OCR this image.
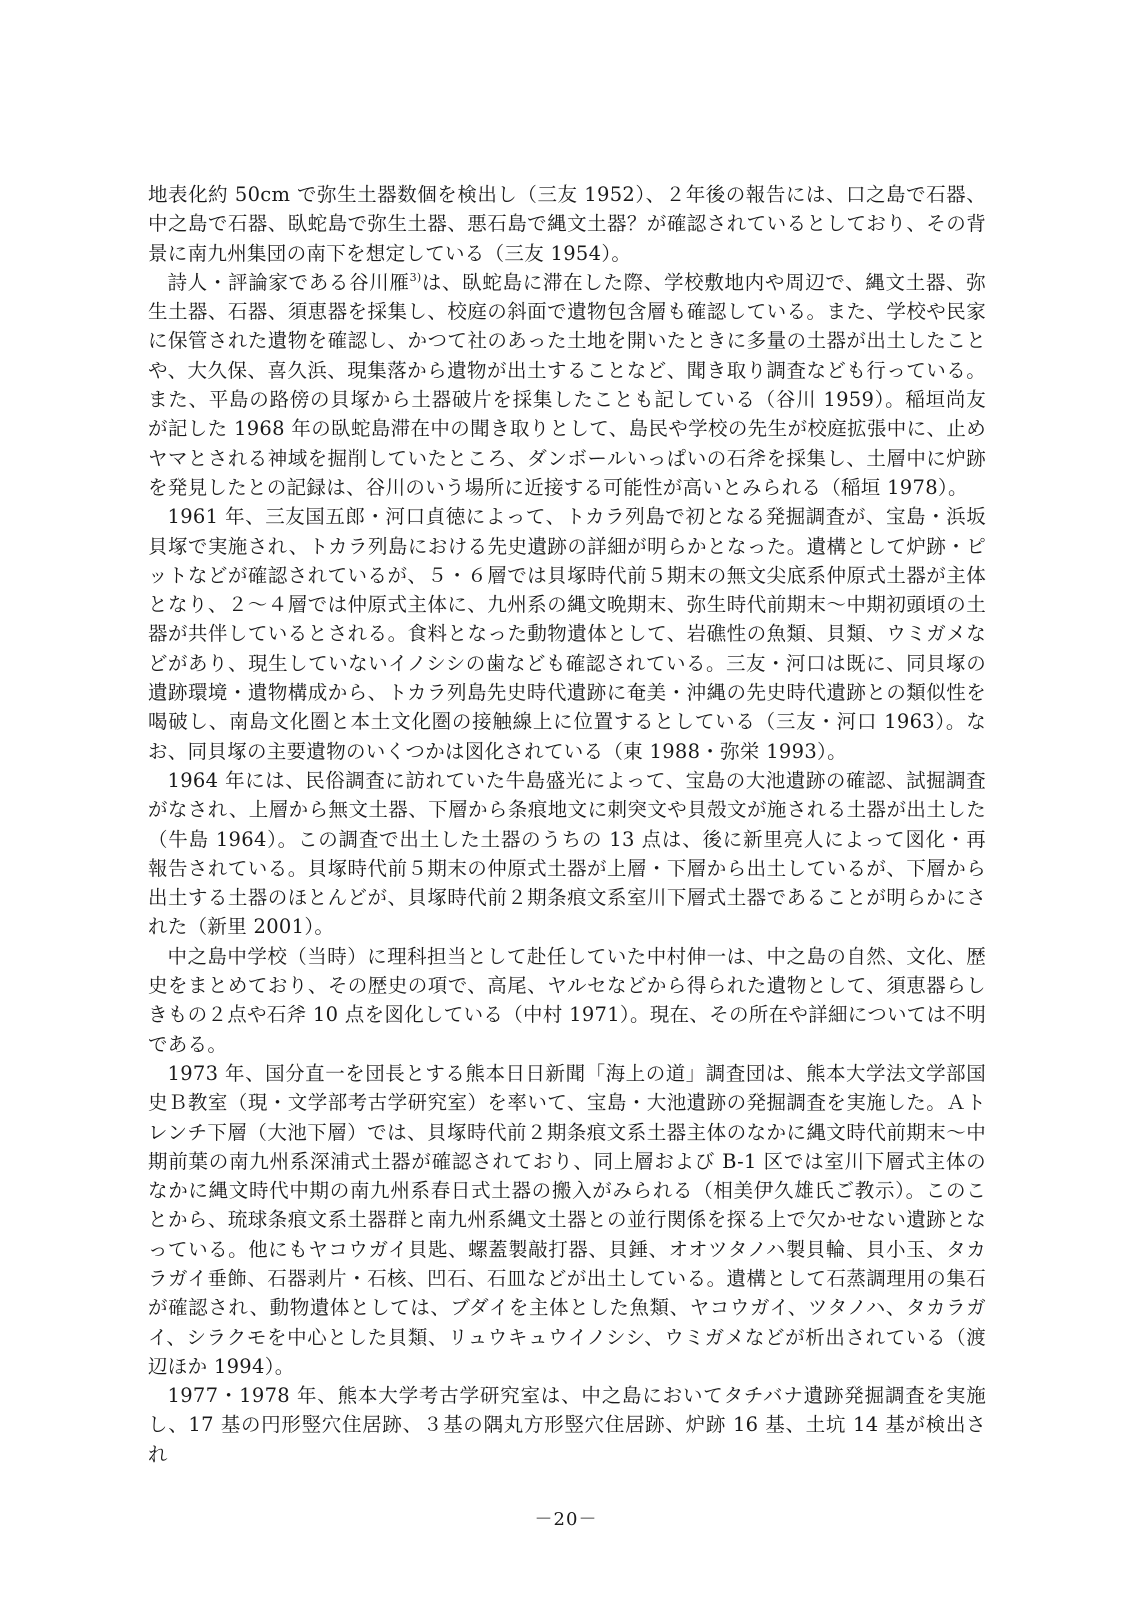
地表化約 50cm で弥生土器数個を検出し（三友 1952）、２年後の報告には、口之島で石器、中之島で石器、臥蛇島で弥生土器、悪石島で縄文土器？が確認されているとしており、その背景に南九州集団の南下を想定している（三友 1954）。

詩人・評論家である谷川雁$^{3)}$は、臥蛇島に滞在した際、学校敷地内や周辺で、縄文土器、弥生土器、石器、須恵器を採集し、校庭の斜面で遺物包含層も確認している。また、学校や民家に保管された遺物を確認し、かつて社のあった土地を開いたときに多量の土器が出土したことや、大久保、喜久浜、現集落から遺物が出土することなど、聞き取り調査なども行っている。また、平島の路傍の貝塚から土器破片を採集したことも記している（谷川 1959）。稲垣尚友が記した 1968 年の臥蛇島滞在中の聞き取りとして、島民や学校の先生が校庭拡張中に、止めヤマとされる神域を掘削していたところ、ダンボールいっぱいの石斧を採集し、土層中に炉跡を発見したとの記録は、谷川のいう場所に近接する可能性が高いとみられる（稲垣 1978）。

1961 年、三友国五郎・河口貞徳によって、トカラ列島で初となる発掘調査が、宝島・浜坂貝塚で実施され、トカラ列島における先史遺跡の詳細が明らかとなった。遺構として炉跡・ピットなどが確認されているが、５・６層では貝塚時代前５期末の無文尖底系仲原式土器が主体となり、２～４層では仲原式主体に、九州系の縄文晩期末、弥生時代前期末～中期初頭頃の土器が共伴しているとされる。食料となった動物遺体として、岩礁性の魚類、貝類、ウミガメなどがあり、現生していないイノシシの歯なども確認されている。三友・河口は既に、同貝塚の遺跡環境・遺物構成から、トカラ列島先史時代遺跡に奄美・沖縄の先史時代遺跡との類似性を喝破し、南島文化圏と本土文化圏の接触線上に位置するとしている（三友・河口 1963）。なお、同貝塚の主要遺物のいくつかは図化されている（東 1988・弥栄 1993）。

1964 年には、民俗調査に訪れていた牛島盛光によって、宝島の大池遺跡の確認、試掘調査がなされ、上層から無文土器、下層から条痕地文に刺突文や貝殻文が施される土器が出土した（牛島 1964）。この調査で出土した土器のうちの 13 点は、後に新里亮人によって図化・再報告されている。貝塚時代前５期末の仲原式土器が上層・下層から出土しているが、下層から出土する土器のほとんどが、貝塚時代前２期条痕文系室川下層式土器であることが明らかにされた（新里 2001）。

中之島中学校（当時）に理科担当として赴任していた中村伸一は、中之島の自然、文化、歴史をまとめており、その歴史の項で、高尾、ヤルセなどから得られた遺物として、須恵器らしきもの２点や石斧 10 点を図化している（中村 1971）。現在、その所在や詳細については不明である。

1973 年、国分直一を団長とする熊本日日新聞「海上の道」調査団は、熊本大学法文学部国史Ｂ教室（現・文学部考古学研究室）を率いて、宝島・大池遺跡の発掘調査を実施した。Ａトレンチ下層（大池下層）では、貝塚時代前２期条痕文系土器主体のなかに縄文時代前期末～中期前葉の南九州系深浦式土器が確認されており、同上層および B-1 区では室川下層式主体のなかに縄文時代中期の南九州系春日式土器の搬入がみられる（相美伊久雄氏ご教示）。このことから、琉球条痕文系土器群と南九州系縄文土器との並行関係を探る上で欠かせない遺跡となっている。他にもヤコウガイ貝匙、螺蓋製敲打器、貝錘、オオツタノハ製貝輪、貝小玉、タカラガイ垂飾、石器剥片・石核、凹石、石皿などが出土している。遺構として石蒸調理用の集石が確認され、動物遺体としては、ブダイを主体とした魚類、ヤコウガイ、ツタノハ、タカラガイ、シラクモを中心とした貝類、リュウキュウイノシシ、ウミガメなどが析出されている（渡辺ほか 1994）。

1977・1978 年、熊本大学考古学研究室は、中之島においてタチバナ遺跡発掘調査を実施し、17 基の円形竪穴住居跡、３基の隅丸方形竪穴住居跡、炉跡 16 基、土坑 14 基が検出され

－20－
